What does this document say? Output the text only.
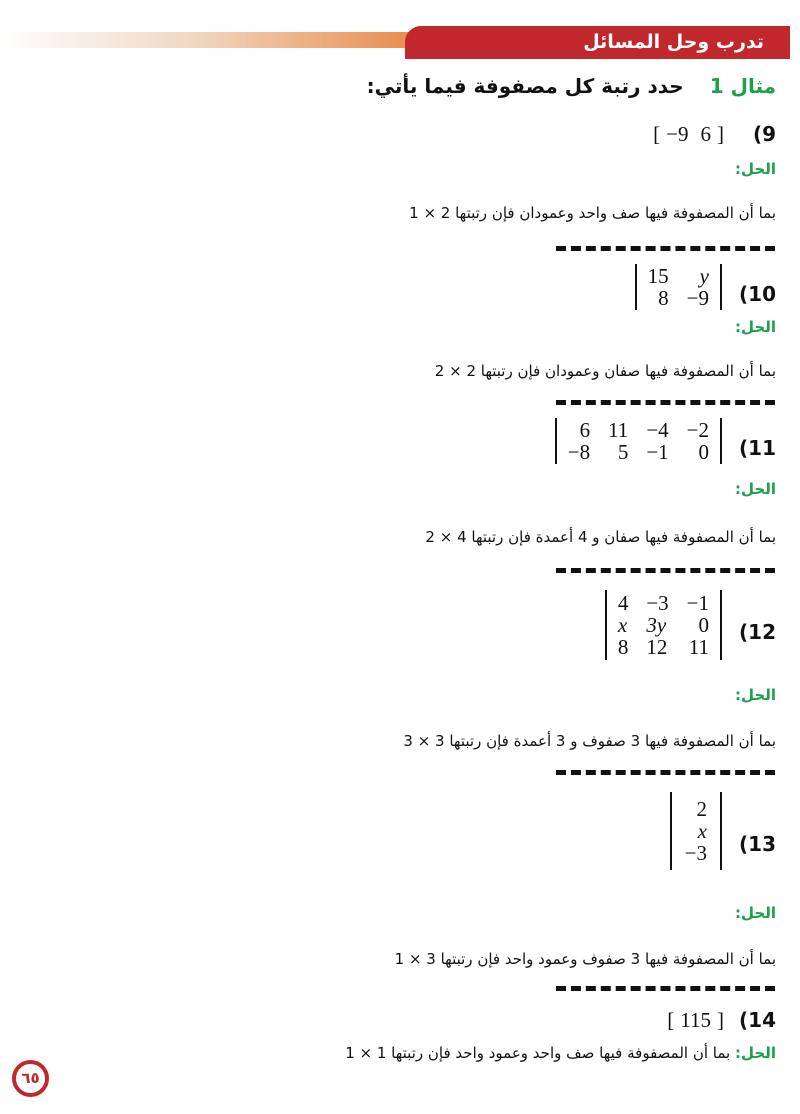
تدرب وحل المسائل
مثال 1حدد رتبة كل مصفوفة فيما يأتي:
(9
[ −9 6 ]
الحل:
بما أن المصفوفة فيها صف واحد وعمودان فإن رتبتها 2 × 1
(10
15	y
8	−9
الحل:
بما أن المصفوفة فيها صفان وعمودان فإن رتبتها 2 × 2
(11
6	11	−4	−2
−8	5	−1	0
الحل:
بما أن المصفوفة فيها صفان و 4 أعمدة فإن رتبتها 4 × 2
(12
4	−3	−1
x	3y	0
8	12	11
الحل:
بما أن المصفوفة فيها 3 صفوف و 3 أعمدة فإن رتبتها 3 × 3
(13
2
x
−3
الحل:
بما أن المصفوفة فيها 3 صفوف وعمود واحد فإن رتبتها 3 × 1
(14
[ 115 ]
الحل: بما أن المصفوفة فيها صف واحد وعمود واحد فإن رتبتها 1 × 1
٦٥
